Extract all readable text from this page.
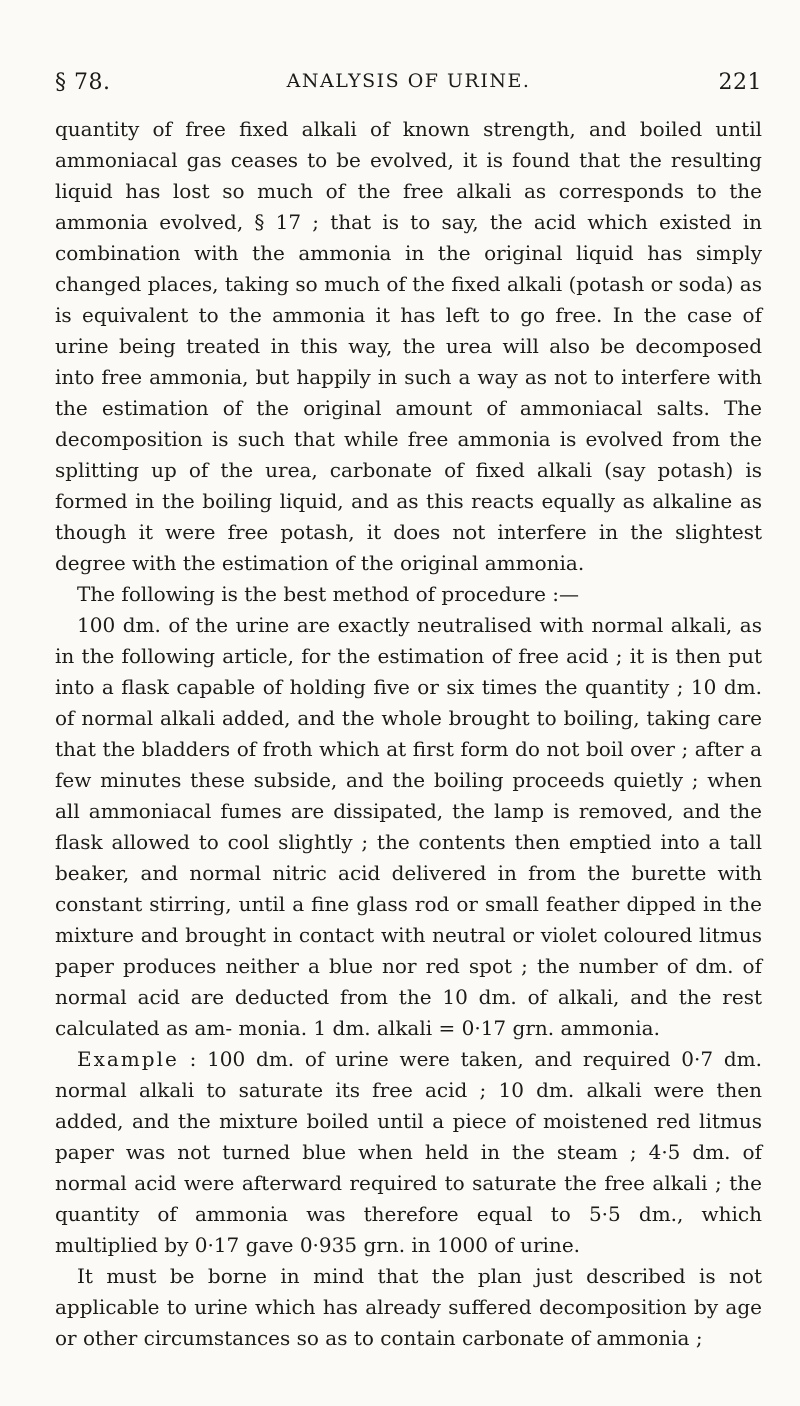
§ 78.	ANALYSIS OF URINE.	221

quantity of free fixed alkali of known strength, and boiled until ammoniacal gas ceases to be evolved, it is found that the resulting liquid has lost so much of the free alkali as corresponds to the ammonia evolved, § 17 ; that is to say, the acid which existed in combination with the ammonia in the original liquid has simply changed places, taking so much of the fixed alkali (potash or soda) as is equivalent to the ammonia it has left to go free. In the case of urine being treated in this way, the urea will also be decomposed into free ammonia, but happily in such a way as not to interfere with the estimation of the original amount of ammoniacal salts. The decomposition is such that while free ammonia is evolved from the splitting up of the urea, carbonate of fixed alkali (say potash) is formed in the boiling liquid, and as this reacts equally as alkaline as though it were free potash, it does not interfere in the slightest degree with the estimation of the original ammonia.

The following is the best method of procedure :—

100 dm. of the urine are exactly neutralised with normal alkali, as in the following article, for the estimation of free acid ; it is then put into a flask capable of holding five or six times the quantity ; 10 dm. of normal alkali added, and the whole brought to boiling, taking care that the bladders of froth which at first form do not boil over ; after a few minutes these subside, and the boiling proceeds quietly ; when all ammoniacal fumes are dissipated, the lamp is removed, and the flask allowed to cool slightly ; the contents then emptied into a tall beaker, and normal nitric acid delivered in from the burette with constant stirring, until a fine glass rod or small feather dipped in the mixture and brought in contact with neutral or violet coloured litmus paper produces neither a blue nor red spot ; the number of dm. of normal acid are deducted from the 10 dm. of alkali, and the rest calculated as am- monia. 1 dm. alkali = 0·17 grn. ammonia.

Example : 100 dm. of urine were taken, and required 0·7 dm. normal alkali to saturate its free acid ; 10 dm. alkali were then added, and the mixture boiled until a piece of moistened red litmus paper was not turned blue when held in the steam ; 4·5 dm. of normal acid were afterward required to saturate the free alkali ; the quantity of ammonia was therefore equal to 5·5 dm., which multiplied by 0·17 gave 0·935 grn. in 1000 of urine.

It must be borne in mind that the plan just described is not applicable to urine which has already suffered decomposition by age or other circumstances so as to contain carbonate of ammonia ;
